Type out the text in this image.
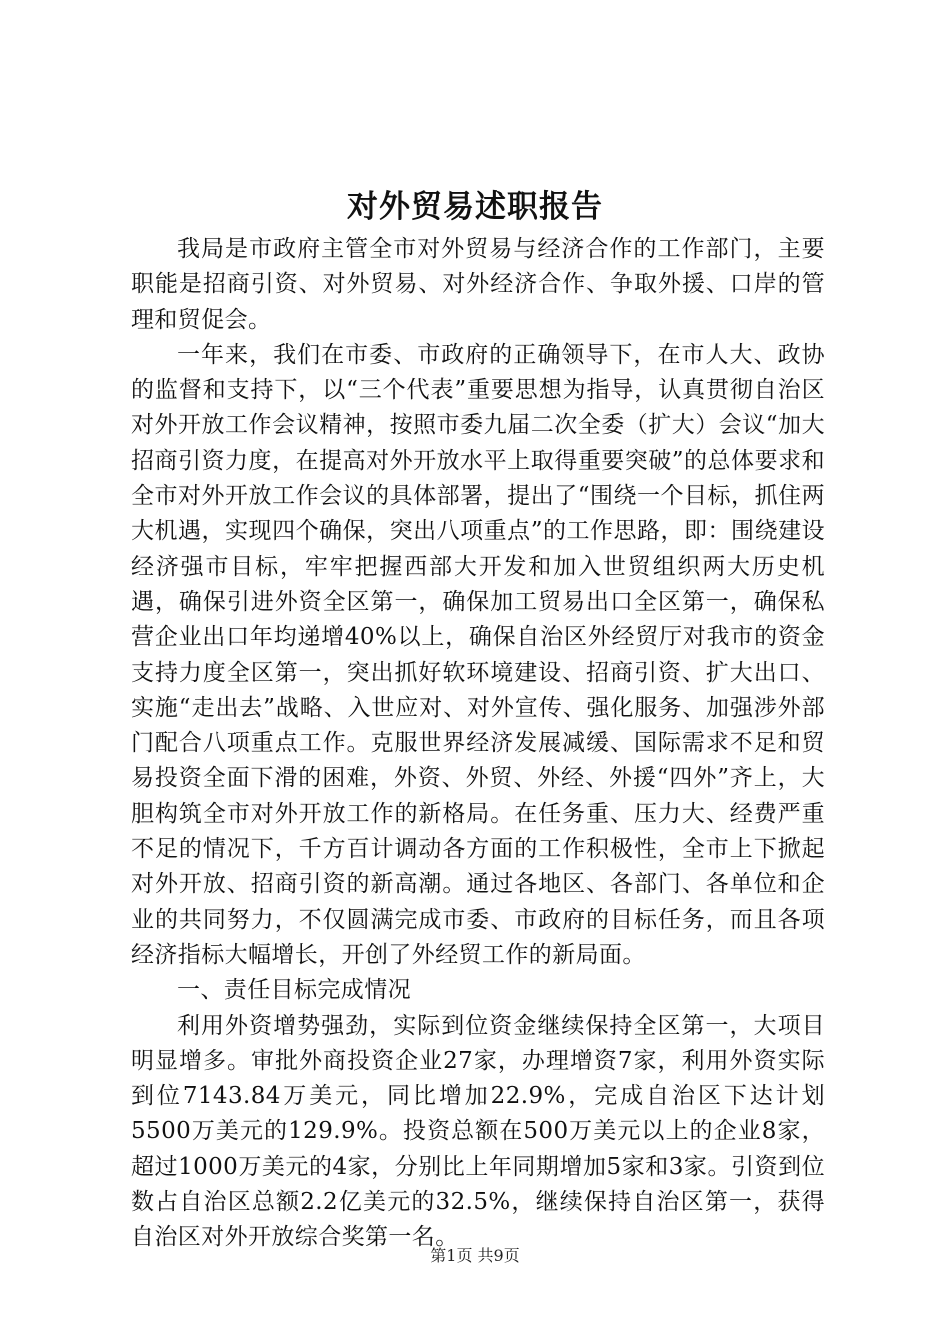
对外贸易述职报告

我局是市政府主管全市对外贸易与经济合作的工作部门，主要职能是招商引资、对外贸易、对外经济合作、争取外援、口岸的管理和贸促会。

一年来，我们在市委、市政府的正确领导下，在市人大、政协的监督和支持下，以“三个代表”重要思想为指导，认真贯彻自治区对外开放工作会议精神，按照市委九届二次全委（扩大）会议“加大招商引资力度，在提高对外开放水平上取得重要突破”的总体要求和全市对外开放工作会议的具体部署，提出了“围绕一个目标，抓住两大机遇，实现四个确保，突出八项重点”的工作思路，即：围绕建设经济强市目标，牢牢把握西部大开发和加入世贸组织两大历史机遇，确保引进外资全区第一，确保加工贸易出口全区第一，确保私营企业出口年均递增40%以上，确保自治区外经贸厅对我市的资金支持力度全区第一，突出抓好软环境建设、招商引资、扩大出口、实施“走出去”战略、入世应对、对外宣传、强化服务、加强涉外部门配合八项重点工作。克服世界经济发展减缓、国际需求不足和贸易投资全面下滑的困难，外资、外贸、外经、外援“四外”齐上，大胆构筑全市对外开放工作的新格局。在任务重、压力大、经费严重不足的情况下，千方百计调动各方面的工作积极性，全市上下掀起对外开放、招商引资的新高潮。通过各地区、各部门、各单位和企业的共同努力，不仅圆满完成市委、市政府的目标任务，而且各项经济指标大幅增长，开创了外经贸工作的新局面。

一、责任目标完成情况

利用外资增势强劲，实际到位资金继续保持全区第一，大项目明显增多。审批外商投资企业27家，办理增资7家，利用外资实际到位7143.84万美元，同比增加22.9%，完成自治区下达计划5500万美元的129.9%。投资总额在500万美元以上的企业8家，超过1000万美元的4家，分别比上年同期增加5家和3家。引资到位数占自治区总额2.2亿美元的32.5%，继续保持自治区第一，获得自治区对外开放综合奖第一名。

第1页 共9页
